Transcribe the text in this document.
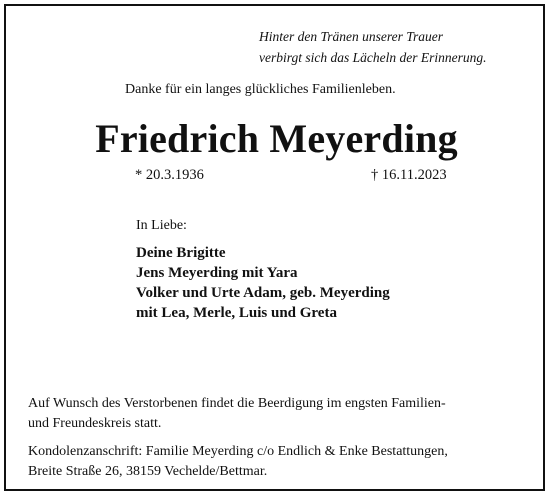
Hinter den Tränen unserer Trauer
verbirgt sich das Lächeln der Erinnerung.
Danke für ein langes glückliches Familienleben.
Friedrich Meyerding
* 20.3.1936	† 16.11.2023
In Liebe:
Deine Brigitte
Jens Meyerding mit Yara
Volker und Urte Adam, geb. Meyerding
mit Lea, Merle, Luis und Greta
Auf Wunsch des Verstorbenen findet die Beerdigung im engsten Familien-
und Freundeskreis statt.
Kondolenzanschrift: Familie Meyerding c/o Endlich & Enke Bestattungen,
Breite Straße 26, 38159 Vechelde/Bettmar.
